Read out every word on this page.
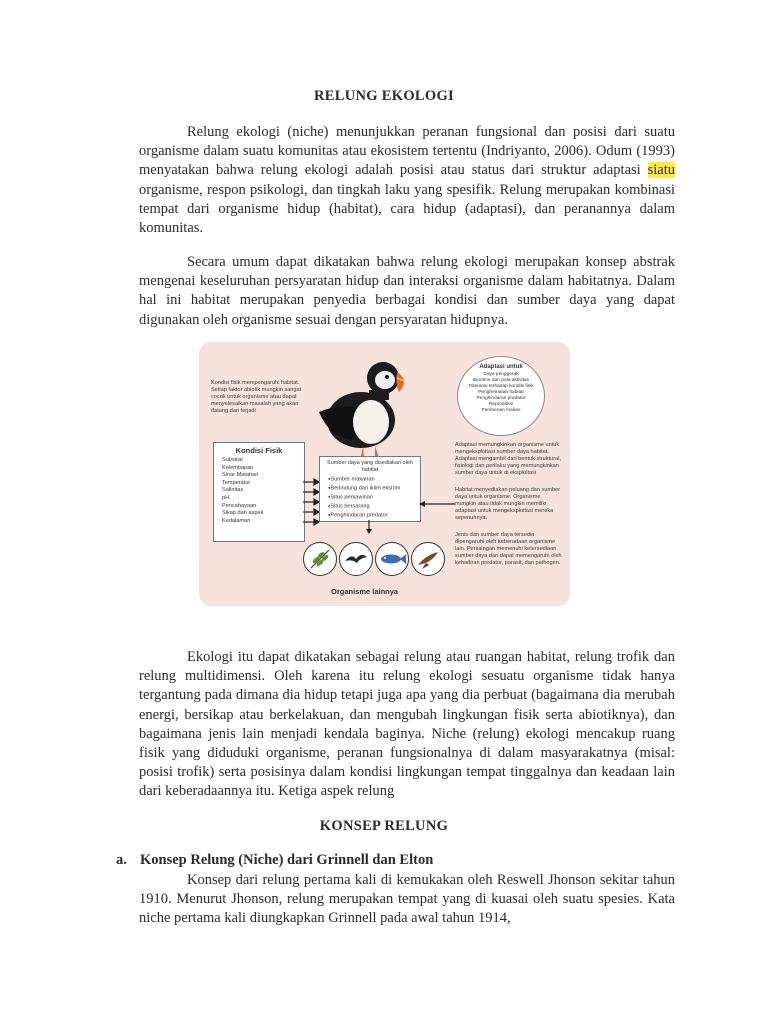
RELUNG EKOLOGI

Relung ekologi (niche) menunjukkan peranan fungsional dan posisi dari suatu organisme dalam suatu komunitas atau ekosistem tertentu (Indriyanto, 2006). Odum (1993) menyatakan bahwa relung ekologi adalah posisi atau status dari struktur adaptasi siatu organisme, respon psikologi, dan tingkah laku yang spesifik. Relung merupakan kombinasi tempat dari organisme hidup (habitat), cara hidup (adaptasi), dan peranannya dalam komunitas.

Secara umum dapat dikatakan bahwa relung ekologi merupakan konsep abstrak mengenai keseluruhan persyaratan hidup dan interaksi organisme dalam habitatnya. Dalam hal ini habitat merupakan penyedia berbagai kondisi dan sumber daya yang dapat digunakan oleh organisme sesuai dengan persyaratan hidupnya.

Kondisi fisik mempengaruhi habitat. Setiap faktor abiotik mungkin sangat cocok untuk organisme atau dapat menyelesaikan masalah yang akan datang dan terjadi

Kondisi Fisik
Substrat
Kelembapan
Sinar Matahari
Temperatur
Salinitas
pH
Pencahayaan
Sikap dan aspek
Kedalaman
Sumber daya yang disediakan oleh habitat
● Sumber makanan
● Berlindung dari iklim ekstrim
● Situs perkawinan
● Situs bersarang
● Penghindaran predator
Adaptasi untuk
Daya penggerak
Bioritme dan pola aktivitas
Toleransi terhadap kondisi fisik
Penghematan habitat
Penghindaran predator
Reproduksi
Pemberian makan

Adaptasi memungkinkan organisme untuk mengeksploitasi sumber daya habitat. Adaptasi mengambil dari bentuk struktural, fisiologi dan perilaku yang memungkinkan sumber daya untuk di eksploitasi

Habitat menyediakan peluang dan sumber daya untuk organisme. Organisme mungkin atau tidak mungkin memiliki adaptasi untuk mengeksploitasi mereka sepenuhnya.

Jenis dan sumber daya tersedia dipengaruhi oleh keberadaan organisme lain. Persaingan memenuhi ketersediaan sumber daya dan dapat memengaruhi oleh kehadiran predator, parasit, dan pathogen.

Organisme lainnya

Ekologi itu dapat dikatakan sebagai relung atau ruangan habitat, relung trofik dan relung multidimensi. Oleh karena itu relung ekologi sesuatu organisme tidak hanya tergantung pada dimana dia hidup tetapi juga apa yang dia perbuat (bagaimana dia merubah energi, bersikap atau berkelakuan, dan mengubah lingkungan fisik serta abiotiknya), dan bagaimana jenis lain menjadi kendala baginya. Niche (relung) ekologi mencakup ruang fisik yang diduduki organisme, peranan fungsionalnya di dalam masyarakatnya (misal: posisi trofik) serta posisinya dalam kondisi lingkungan tempat tinggalnya dan keadaan lain dari keberadaannya itu. Ketiga aspek relung

KONSEP RELUNG

a. Konsep Relung (Niche) dari Grinnell dan Elton

Konsep dari relung pertama kali di kemukakan oleh Reswell Jhonson sekitar tahun 1910. Menurut Jhonson, relung merupakan tempat yang di kuasai oleh suatu spesies. Kata niche pertama kali diungkapkan Grinnell pada awal tahun 1914,
